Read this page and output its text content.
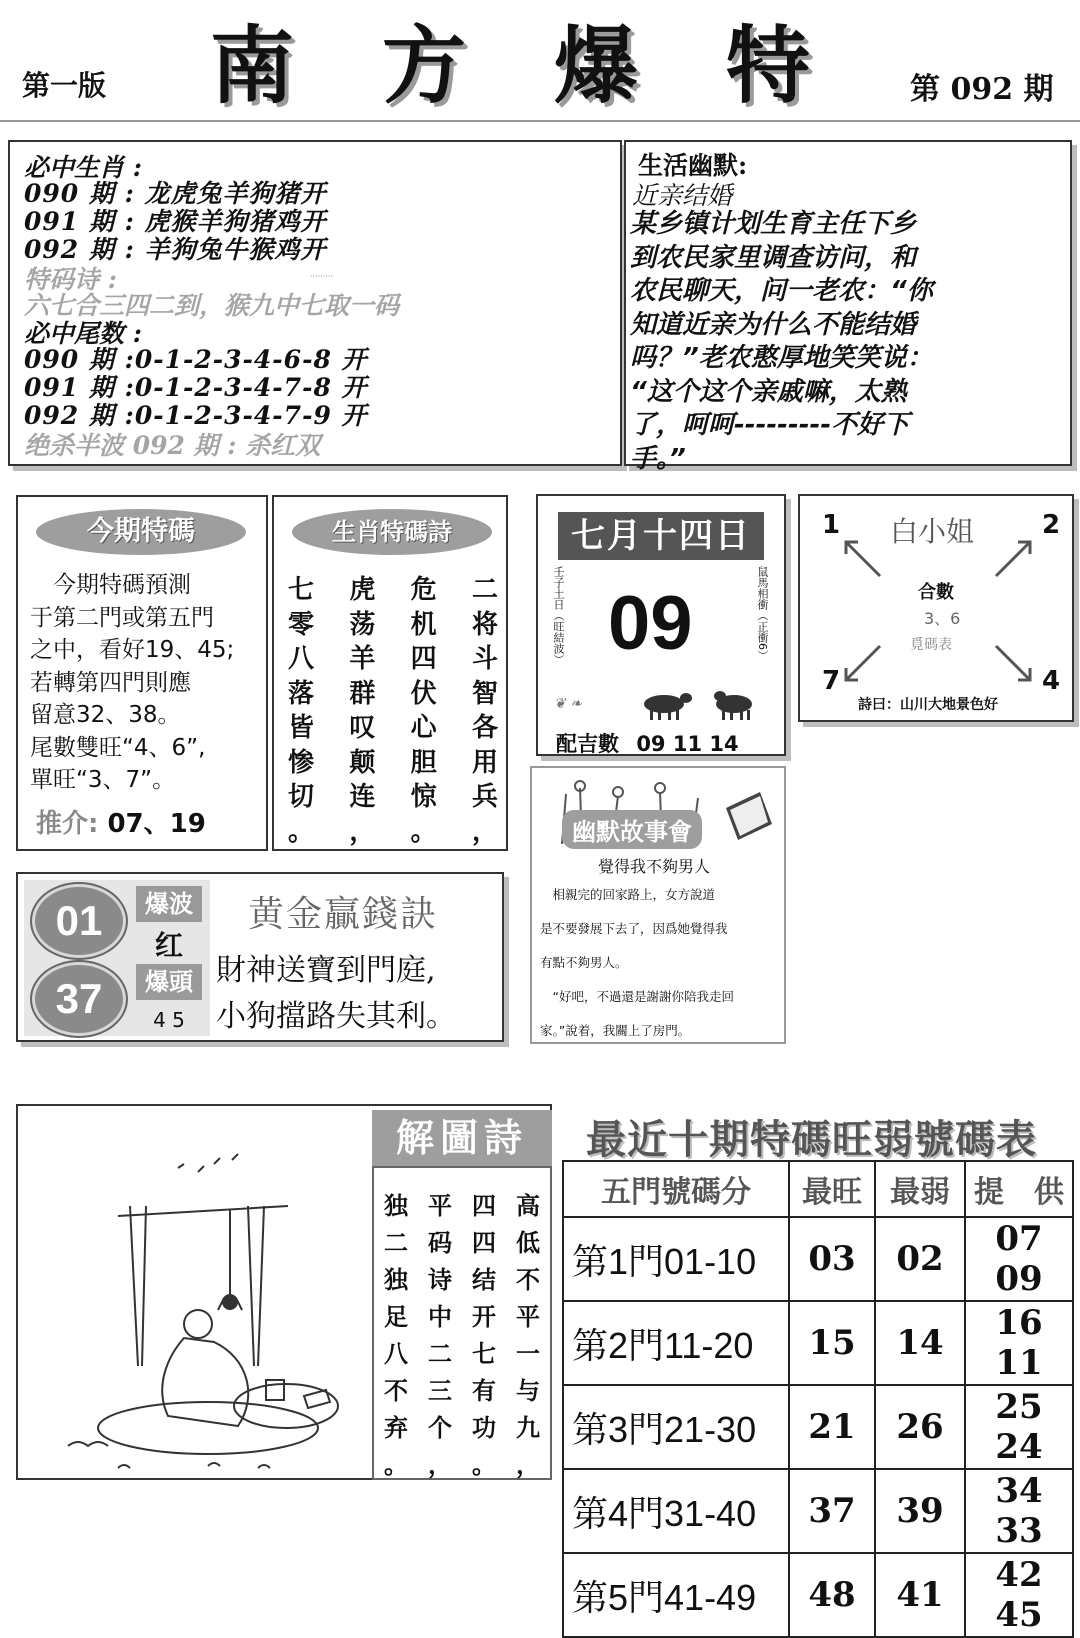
第一版 南 方 爆 特	第 092 期
必中生肖 :
090 期 : 龙虎兔羊狗猪开
091 期 : 虎猴羊狗猪鸡开
092 期 : 羊狗兔牛猴鸡开
特码诗 :	·········
六七合三四二到，猴九中七取一码
必中尾数 :
090 期 :0-1-2-3-4-6-8 开
091 期 :0-1-2-3-4-7-8 开
092 期 :0-1-2-3-4-7-9 开
绝杀半波 092 期 : 杀红双
生活幽默:
近亲结婚
某乡镇计划生育主任下乡
到农民家里调查访问，和
农民聊天，问一老农：“你
知道近亲为什么不能结婚
吗？”老农憨厚地笑笑说：
“这个这个亲戚嘛，太熟
了，呵呵---------不好下
手。”
今期特碼
　今期特碼預測
于第二門或第五門
之中，看好19、45;
若轉第四門則應
留意32、38。
尾數雙旺“4、6”,
單旺“3、7”。
推介: 07、19
生肖特碼詩
二
将
斗
智
各
用
兵
，
危
机
四
伏
心
胆
惊
。
虎
荡
羊
群
叹
颠
连
，
七
零
八
落
皆
惨
切
。
七月十四日
壬子土日（旺結波）	鼠馬相衝（正衝6）
09
❦ ❧
配吉數 09 11 14
白小姐
1	2
7	4
合數
3、6
覓碼表
詩曰：山川大地景色好
幽默故事會
覺得我不夠男人
　相親完的回家路上，女方說道
是不要發展下去了，因爲她覺得我
有點不夠男人。
　“好吧，不過還是謝謝你陪我走回
家。”說着，我關上了房門。
01
37
爆波
红
爆頭
4 5
黄金贏錢訣
財神送寶到門庭,
小狗擋路失其利。
解圖詩
高
低
不
平
一
与
九
，
四
四
结
开
七
有
功
。
平
码
诗
中
二
三
个
，
独
二
独
足
八
不
弃
。
最近十期特碼旺弱號碼表
五門號碼分	最旺	最弱	提　供
第1門01-10	03	02	07 09
第2門11-20	15	14	16 11
第3門21-30	21	26	25 24
第4門31-40	37	39	34 33
第5門41-49	48	41	42 45
